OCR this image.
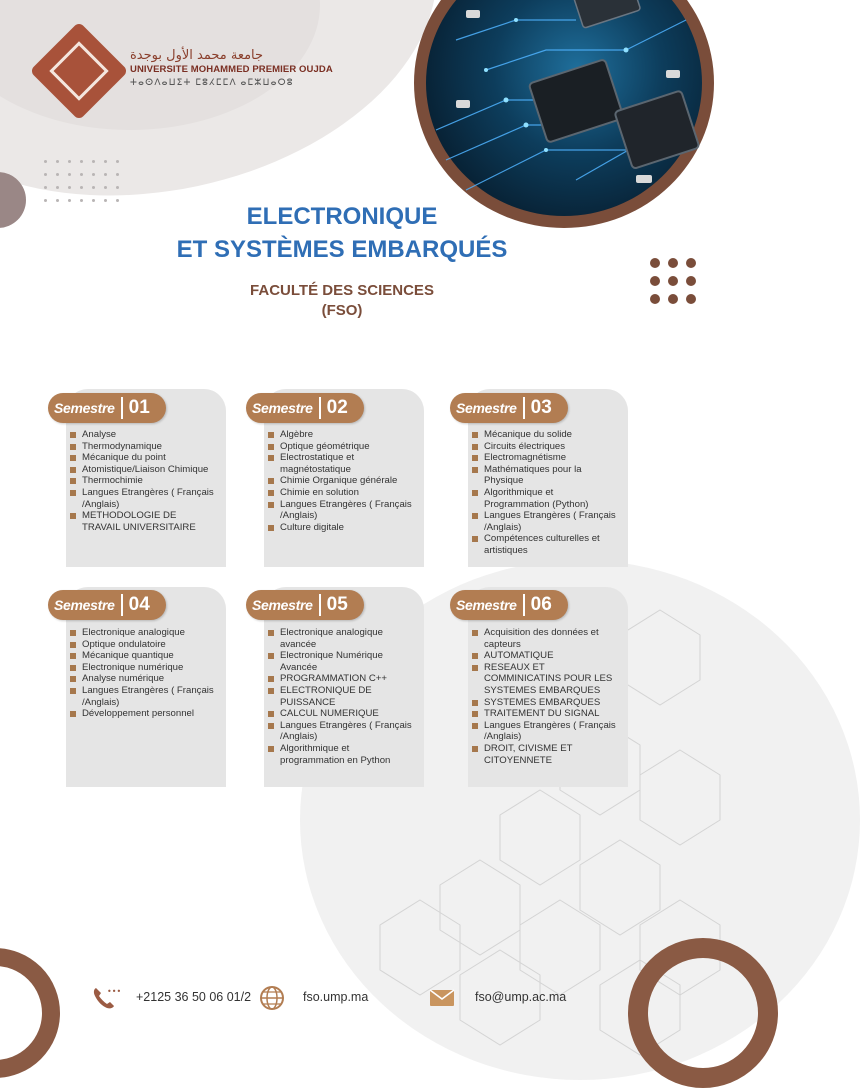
جامعة محمد الأول بوجدة
UNIVERSITE MOHAMMED PREMIER OUJDA
ⵜⴰⵙⴷⴰⵡⵉⵜ ⵎⵓⵃⵎⵎⴷ ⴰⵎⵣⵡⴰⵔⵓ
ELECTRONIQUE
ET SYSTÈMES EMBARQUÉS
FACULTÉ DES SCIENCES
(FSO)
Analyse
Thermodynamique
Mécanique du point
Atomistique/Liaison Chimique
Thermochimie
Langues Etrangères ( Français /Anglais)
METHODOLOGIE DE TRAVAIL UNIVERSITAIRE
Semestre 01
Algèbre
Optique géométrique
Electrostatique et magnétostatique
Chimie Organique générale
Chimie en solution
Langues Etrangères ( Français /Anglais)
Culture digitale
Semestre 02
Mécanique du solide
Circuits électriques
Electromagnétisme
Mathématiques pour la Physique
Algorithmique et Programmation (Python)
Langues Etrangères ( Français /Anglais)
Compétences culturelles et artistiques
Semestre 03
Electronique analogique
Optique ondulatoire
Mécanique quantique
Electronique numérique
Analyse numérique
Langues Etrangères ( Français /Anglais)
Développement personnel
Semestre 04
Electronique analogique avancée
Electronique Numérique Avancée
PROGRAMMATION C++
ELECTRONIQUE DE PUISSANCE
CALCUL NUMERIQUE
Langues Etrangères ( Français /Anglais)
Algorithmique et programmation en Python
Semestre 05
Acquisition des données et capteurs
AUTOMATIQUE
RESEAUX ET COMMINICATINS POUR LES SYSTEMES EMBARQUES
SYSTEMES EMBARQUES
TRAITEMENT DU SIGNAL
Langues Etrangères ( Français /Anglais)
DROIT, CIVISME ET CITOYENNETE
Semestre 06
••• +2125 36 50 06 01/2	fso.ump.ma	fso@ump.ac.ma
